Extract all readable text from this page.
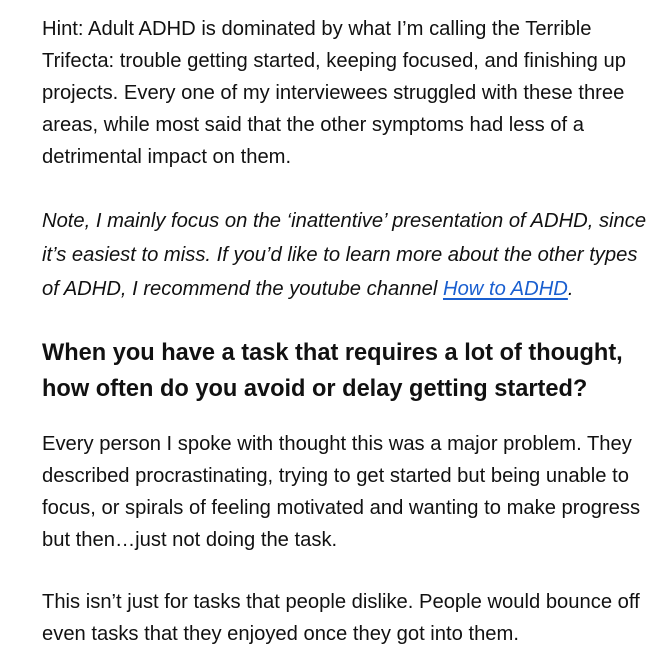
Hint: Adult ADHD is dominated by what I’m calling the Terrible Trifecta: trouble getting started, keeping focused, and finishing up projects. Every one of my interviewees struggled with these three areas, while most said that the other symptoms had less of a detrimental impact on them.

Note, I mainly focus on the ‘inattentive’ presentation of ADHD, since it’s easiest to miss. If you’d like to learn more about the other types of ADHD, I recommend the youtube channel How to ADHD.

When you have a task that requires a lot of thought, how often do you avoid or delay getting started?

Every person I spoke with thought this was a major problem. They described procrastinating, trying to get started but being unable to focus, or spirals of feeling motivated and wanting to make progress but then…just not doing the task.

This isn’t just for tasks that people dislike. People would bounce off even tasks that they enjoyed once they got into them.
